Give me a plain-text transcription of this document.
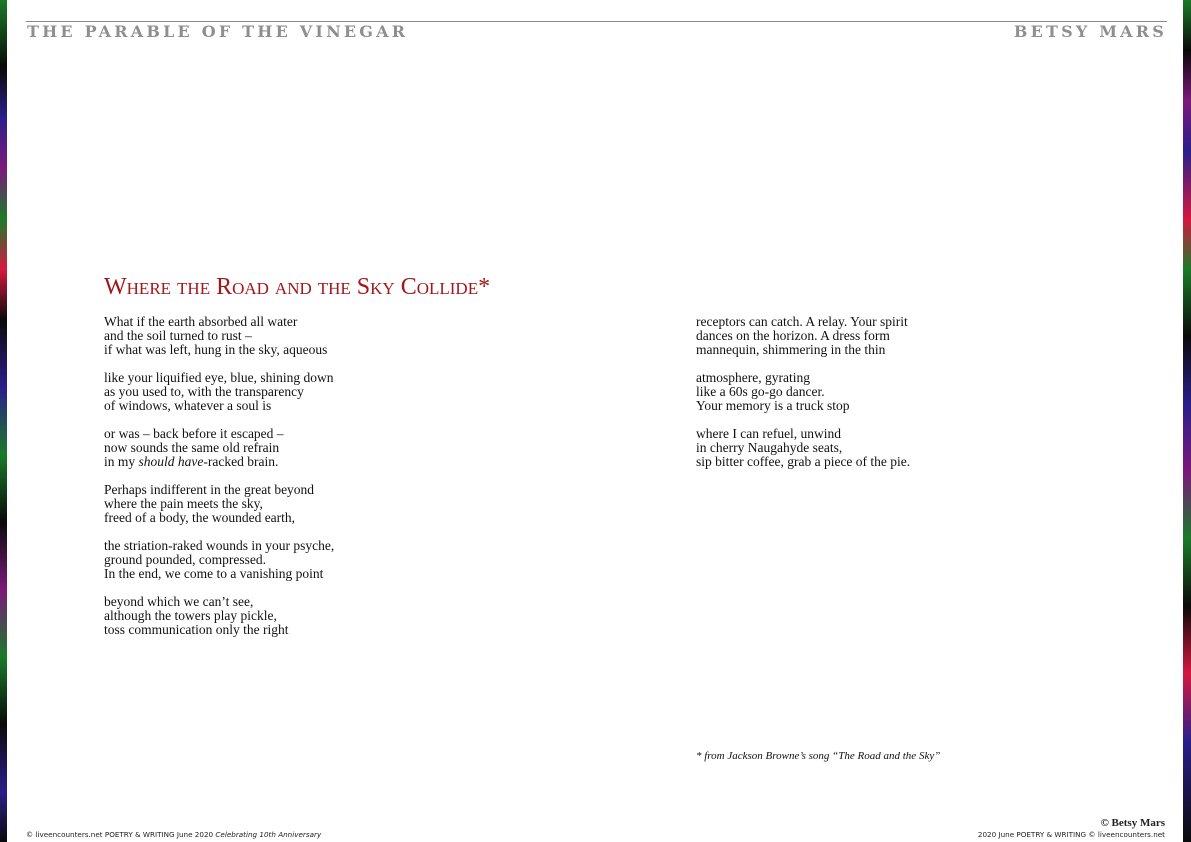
THE PARABLE OF THE VINEGAR	BETSY MARS
Where the Road and the Sky Collide*
What if the earth absorbed all water
and the soil turned to rust –
if what was left, hung in the sky, aqueous
like your liquified eye, blue, shining down
as you used to, with the transparency
of windows, whatever a soul is
or was – back before it escaped –
now sounds the same old refrain
in my should have-racked brain.
Perhaps indifferent in the great beyond
where the pain meets the sky,
freed of a body, the wounded earth,
the striation-raked wounds in your psyche,
ground pounded, compressed.
In the end, we come to a vanishing point
beyond which we can’t see,
although the towers play pickle,
toss communication only the right
receptors can catch. A relay. Your spirit
dances on the horizon. A dress form
mannequin, shimmering in the thin
atmosphere, gyrating
like a 60s go-go dancer.
Your memory is a truck stop
where I can refuel, unwind
in cherry Naugahyde seats,
sip bitter coffee, grab a piece of the pie.
* from Jackson Browne’s song “The Road and the Sky”
© liveencounters.net POETRY & WRITING June 2020 Celebrating 10th Anniversary
© Betsy Mars
2020 June POETRY & WRITING © liveencounters.net
